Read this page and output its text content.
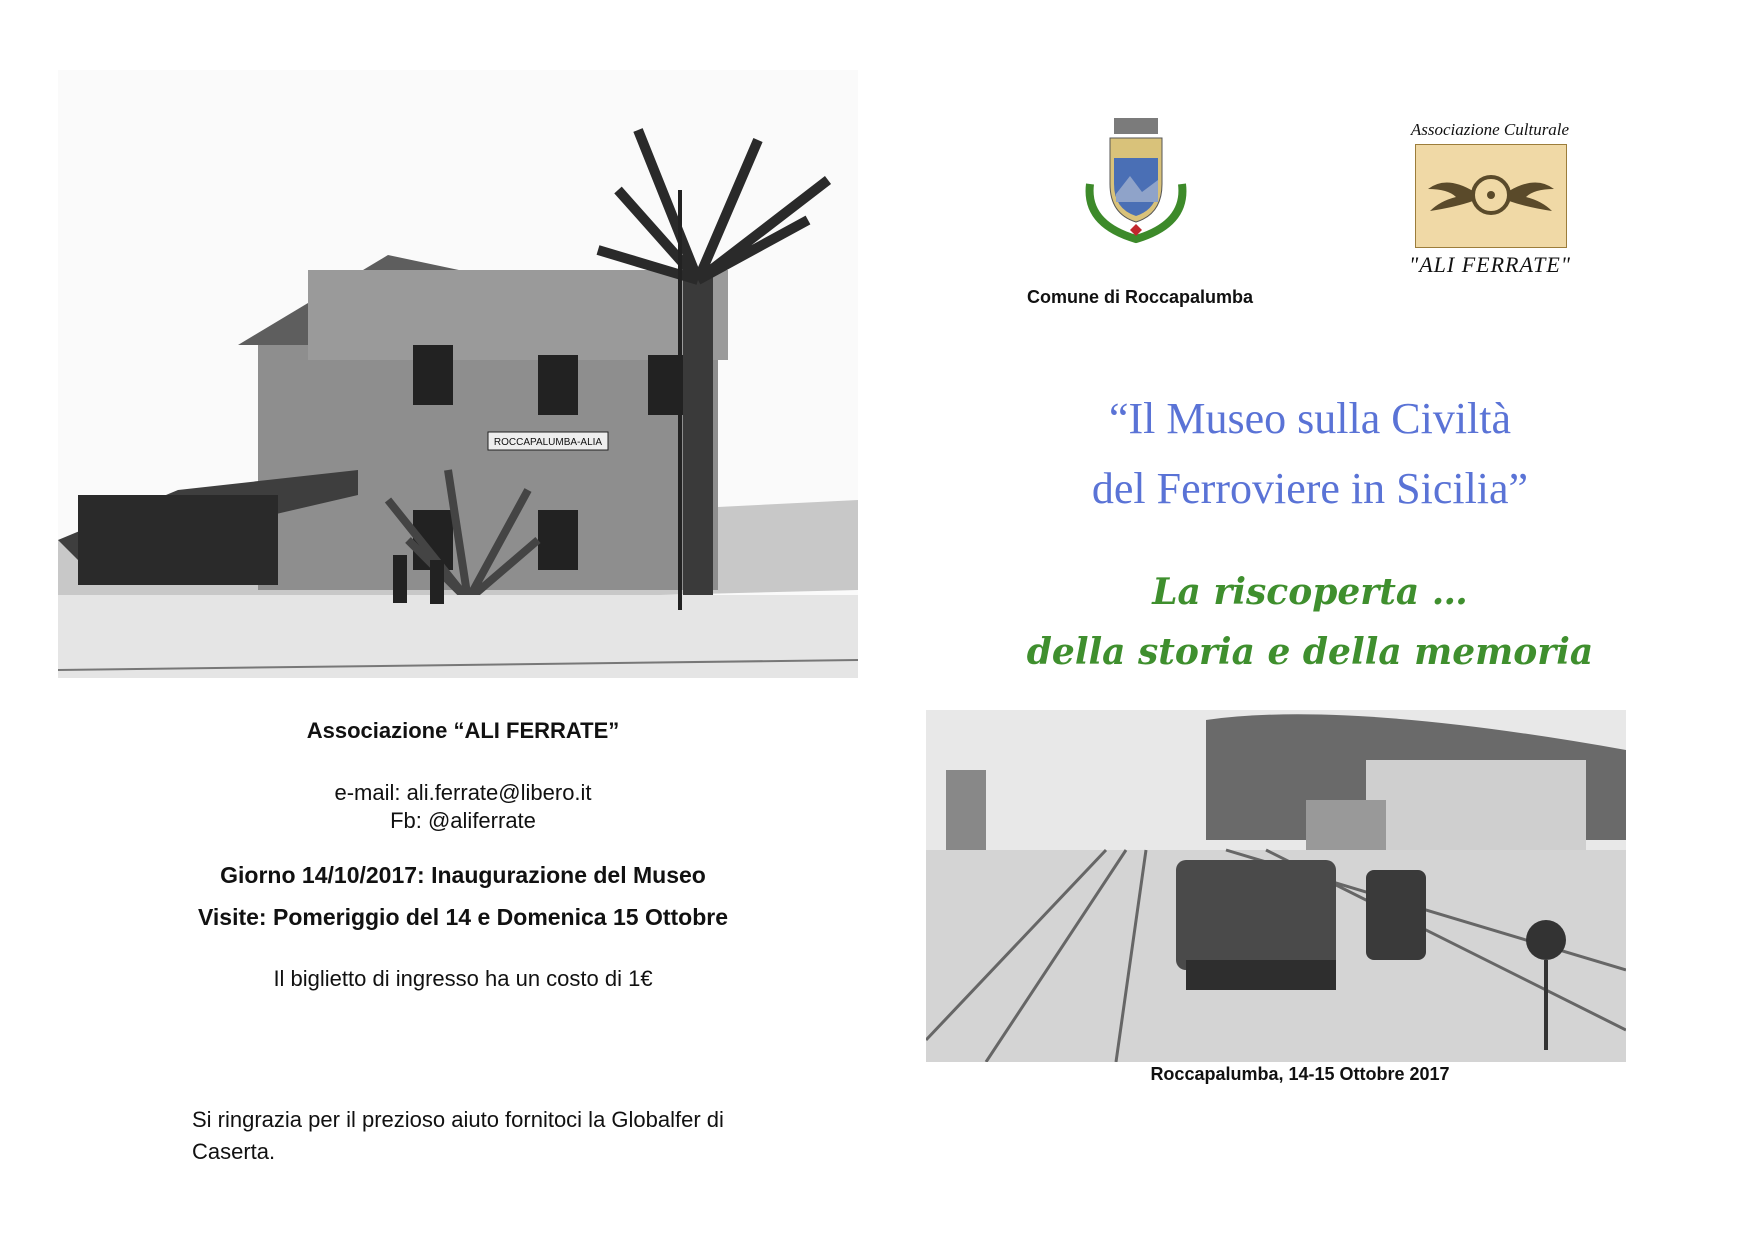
ROCCAPALUMBA-ALIA
Associazione “ALI FERRATE”
e-mail: ali.ferrate@libero.it
Fb: @aliferrate
Giorno 14/10/2017: Inaugurazione del Museo
Visite: Pomeriggio del 14 e Domenica 15 Ottobre
Il biglietto di ingresso ha un costo di 1€
Si ringrazia per il prezioso aiuto fornitoci la Globalfer di Caserta.
Comune di Roccapalumba
Associazione Culturale
"ALI FERRATE"
“Il Museo sulla Civiltà
del Ferroviere in Sicilia”
La riscoperta …
della storia e della memoria
Roccapalumba, 14-15 Ottobre 2017
